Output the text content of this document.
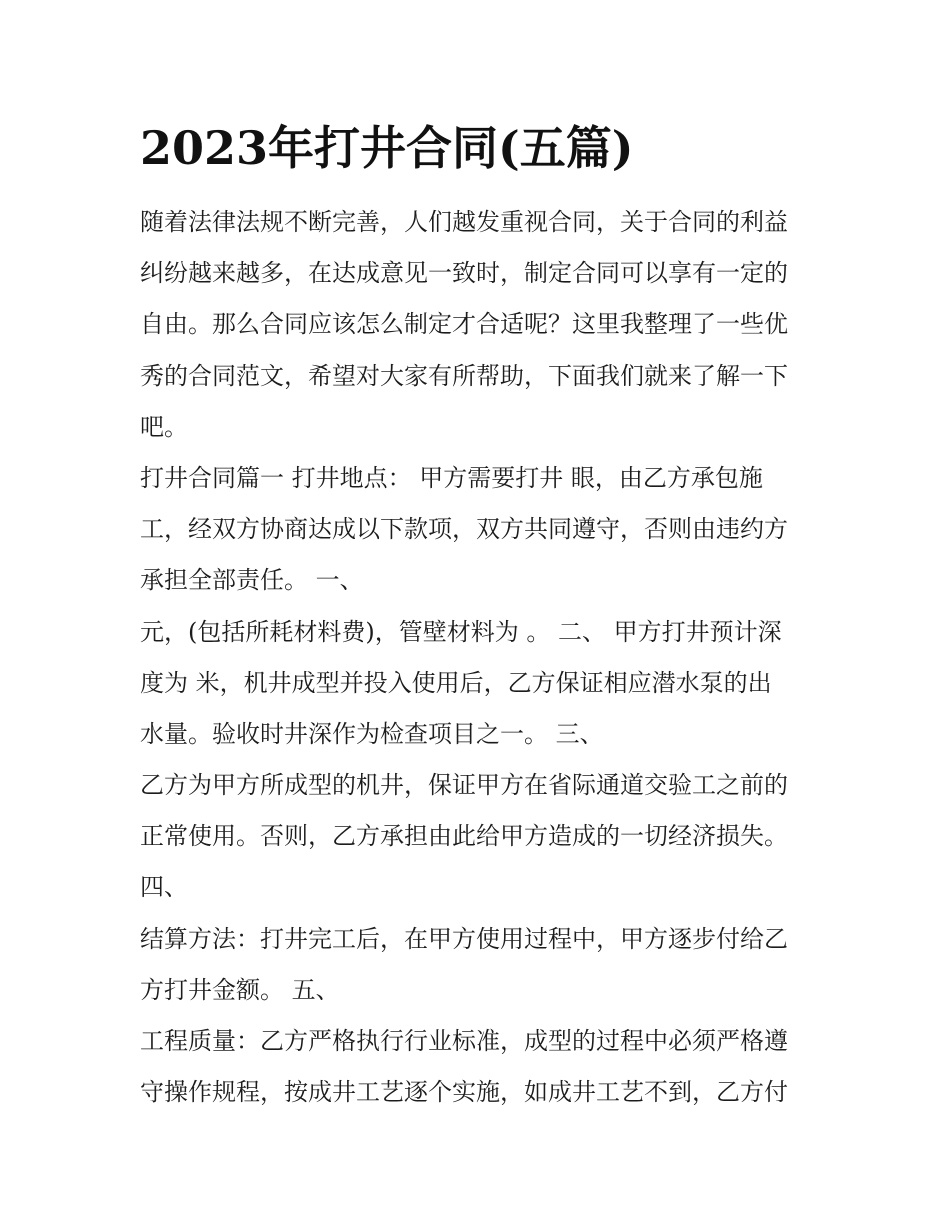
2023年打井合同(五篇)
随着法律法规不断完善，人们越发重视合同，关于合同的利益
纠纷越来越多，在达成意见一致时，制定合同可以享有一定的
自由。那么合同应该怎么制定才合适呢？这里我整理了一些优
秀的合同范文，希望对大家有所帮助，下面我们就来了解一下
吧。
打井合同篇一 打井地点： 甲方需要打井 眼，由乙方承包施
工，经双方协商达成以下款项，双方共同遵守，否则由违约方
承担全部责任。 一、
元，(包括所耗材料费)，管壁材料为 。 二、 甲方打井预计深
度为 米，机井成型并投入使用后，乙方保证相应潜水泵的出
水量。验收时井深作为检查项目之一。 三、
乙方为甲方所成型的机井，保证甲方在省际通道交验工之前的
正常使用。否则，乙方承担由此给甲方造成的一切经济损失。
四、
结算方法：打井完工后，在甲方使用过程中，甲方逐步付给乙
方打井金额。 五、
工程质量：乙方严格执行行业标准，成型的过程中必须严格遵
守操作规程，按成井工艺逐个实施，如成井工艺不到，乙方付
